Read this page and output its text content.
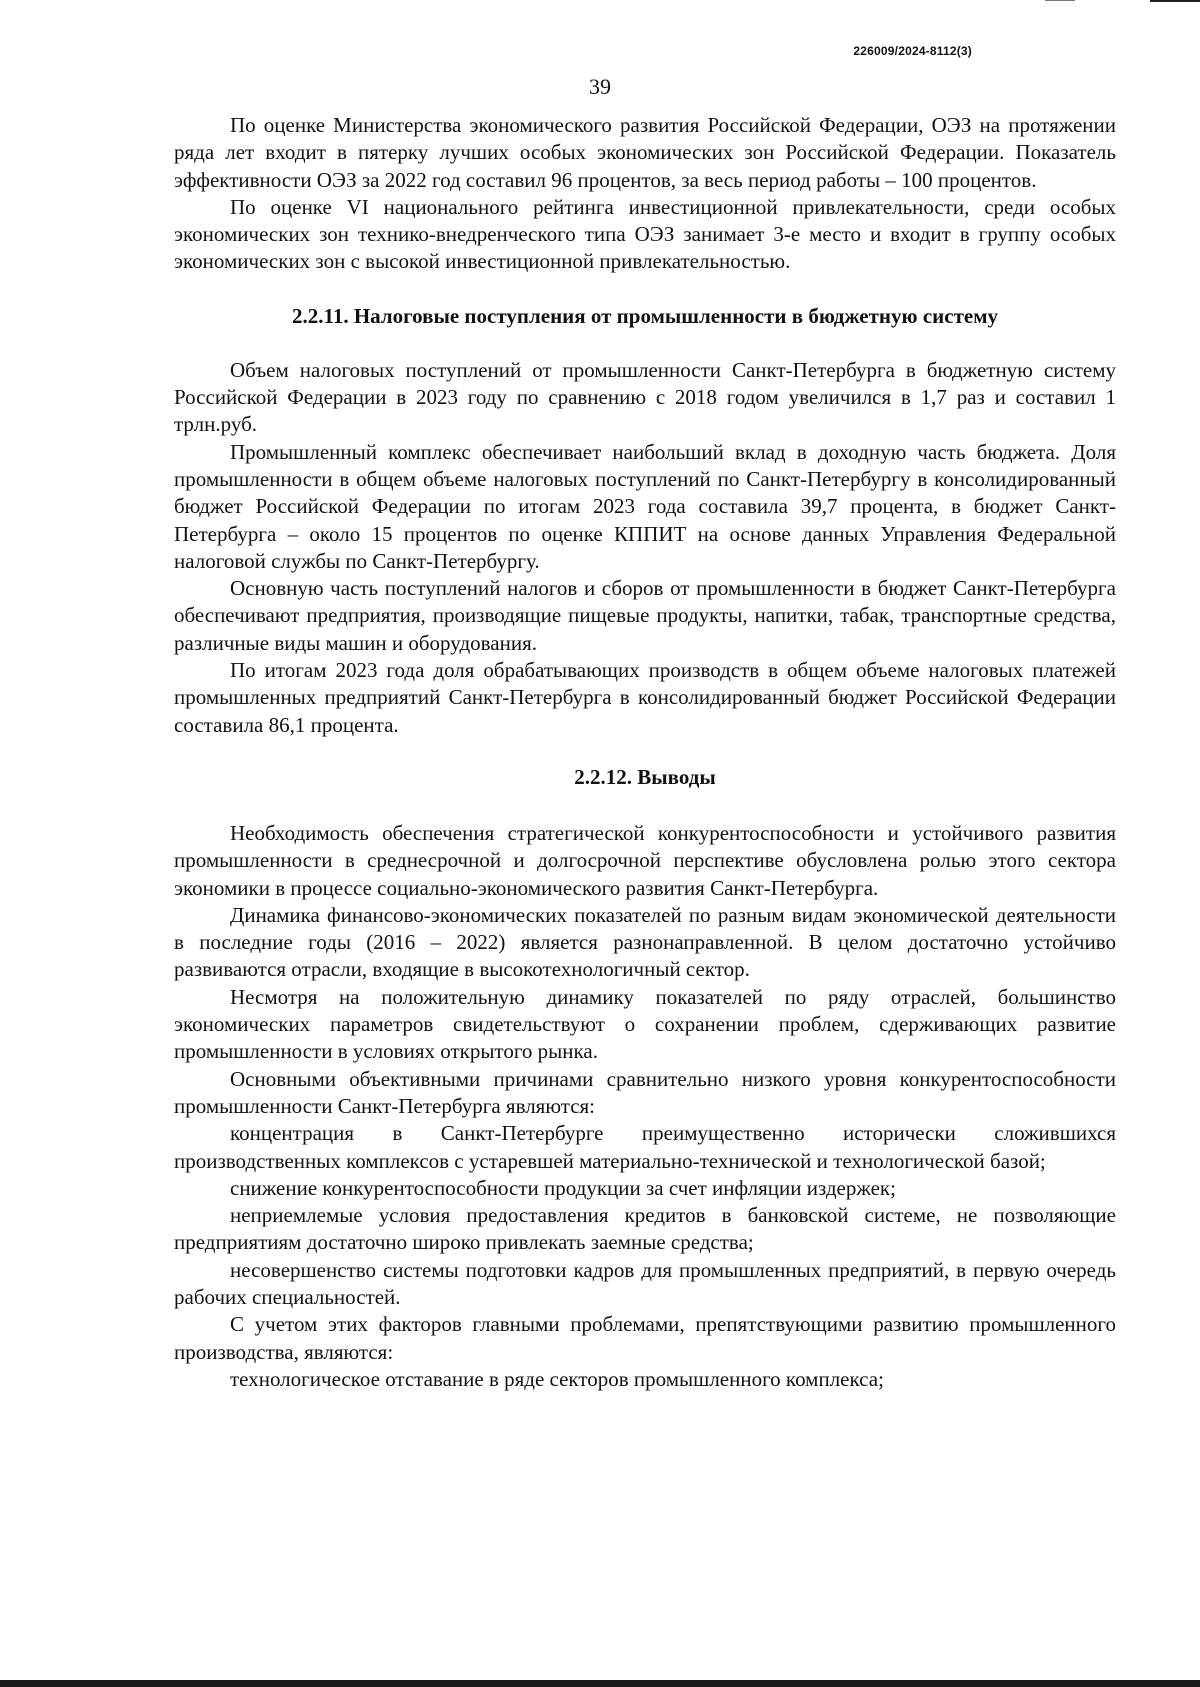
226009/2024-8112(3)
39

По оценке Министерства экономического развития Российской Федерации, ОЭЗ на протяжении ряда лет входит в пятерку лучших особых экономических зон Российской Федерации. Показатель эффективности ОЭЗ за 2022 год составил 96 процентов, за весь период работы – 100 процентов.

По оценке VI национального рейтинга инвестиционной привлекательности, среди особых экономических зон технико-внедренческого типа ОЭЗ занимает 3-е место и входит в группу особых экономических зон с высокой инвестиционной привлекательностью.

2.2.11. Налоговые поступления от промышленности в бюджетную систему

Объем налоговых поступлений от промышленности Санкт-Петербурга в бюджетную систему Российской Федерации в 2023 году по сравнению с 2018 годом увеличился в 1,7 раз и составил 1 трлн.руб.

Промышленный комплекс обеспечивает наибольший вклад в доходную часть бюджета. Доля промышленности в общем объеме налоговых поступлений по Санкт-Петербургу в консолидированный бюджет Российской Федерации по итогам 2023 года составила 39,7 процента, в бюджет Санкт-Петербурга – около 15 процентов по оценке КППИТ на основе данных Управления Федеральной налоговой службы по Санкт-Петербургу.

Основную часть поступлений налогов и сборов от промышленности в бюджет Санкт-Петербурга обеспечивают предприятия, производящие пищевые продукты, напитки, табак, транспортные средства, различные виды машин и оборудования.

По итогам 2023 года доля обрабатывающих производств в общем объеме налоговых платежей промышленных предприятий Санкт-Петербурга в консолидированный бюджет Российской Федерации составила 86,1 процента.

2.2.12. Выводы

Необходимость обеспечения стратегической конкурентоспособности и устойчивого развития промышленности в среднесрочной и долгосрочной перспективе обусловлена ролью этого сектора экономики в процессе социально-экономического развития Санкт-Петербурга.

Динамика финансово-экономических показателей по разным видам экономической деятельности в последние годы (2016 – 2022) является разнонаправленной. В целом достаточно устойчиво развиваются отрасли, входящие в высокотехнологичный сектор.

Несмотря на положительную динамику показателей по ряду отраслей, большинство экономических параметров свидетельствуют о сохранении проблем, сдерживающих развитие промышленности в условиях открытого рынка.

Основными объективными причинами сравнительно низкого уровня конкурентоспособности промышленности Санкт-Петербурга являются:

концентрация в Санкт-Петербурге преимущественно исторически сложившихся производственных комплексов с устаревшей материально-технической и технологической базой;

снижение конкурентоспособности продукции за счет инфляции издержек;

неприемлемые условия предоставления кредитов в банковской системе, не позволяющие предприятиям достаточно широко привлекать заемные средства;

несовершенство системы подготовки кадров для промышленных предприятий, в первую очередь рабочих специальностей.

С учетом этих факторов главными проблемами, препятствующими развитию промышленного производства, являются:

технологическое отставание в ряде секторов промышленного комплекса;
